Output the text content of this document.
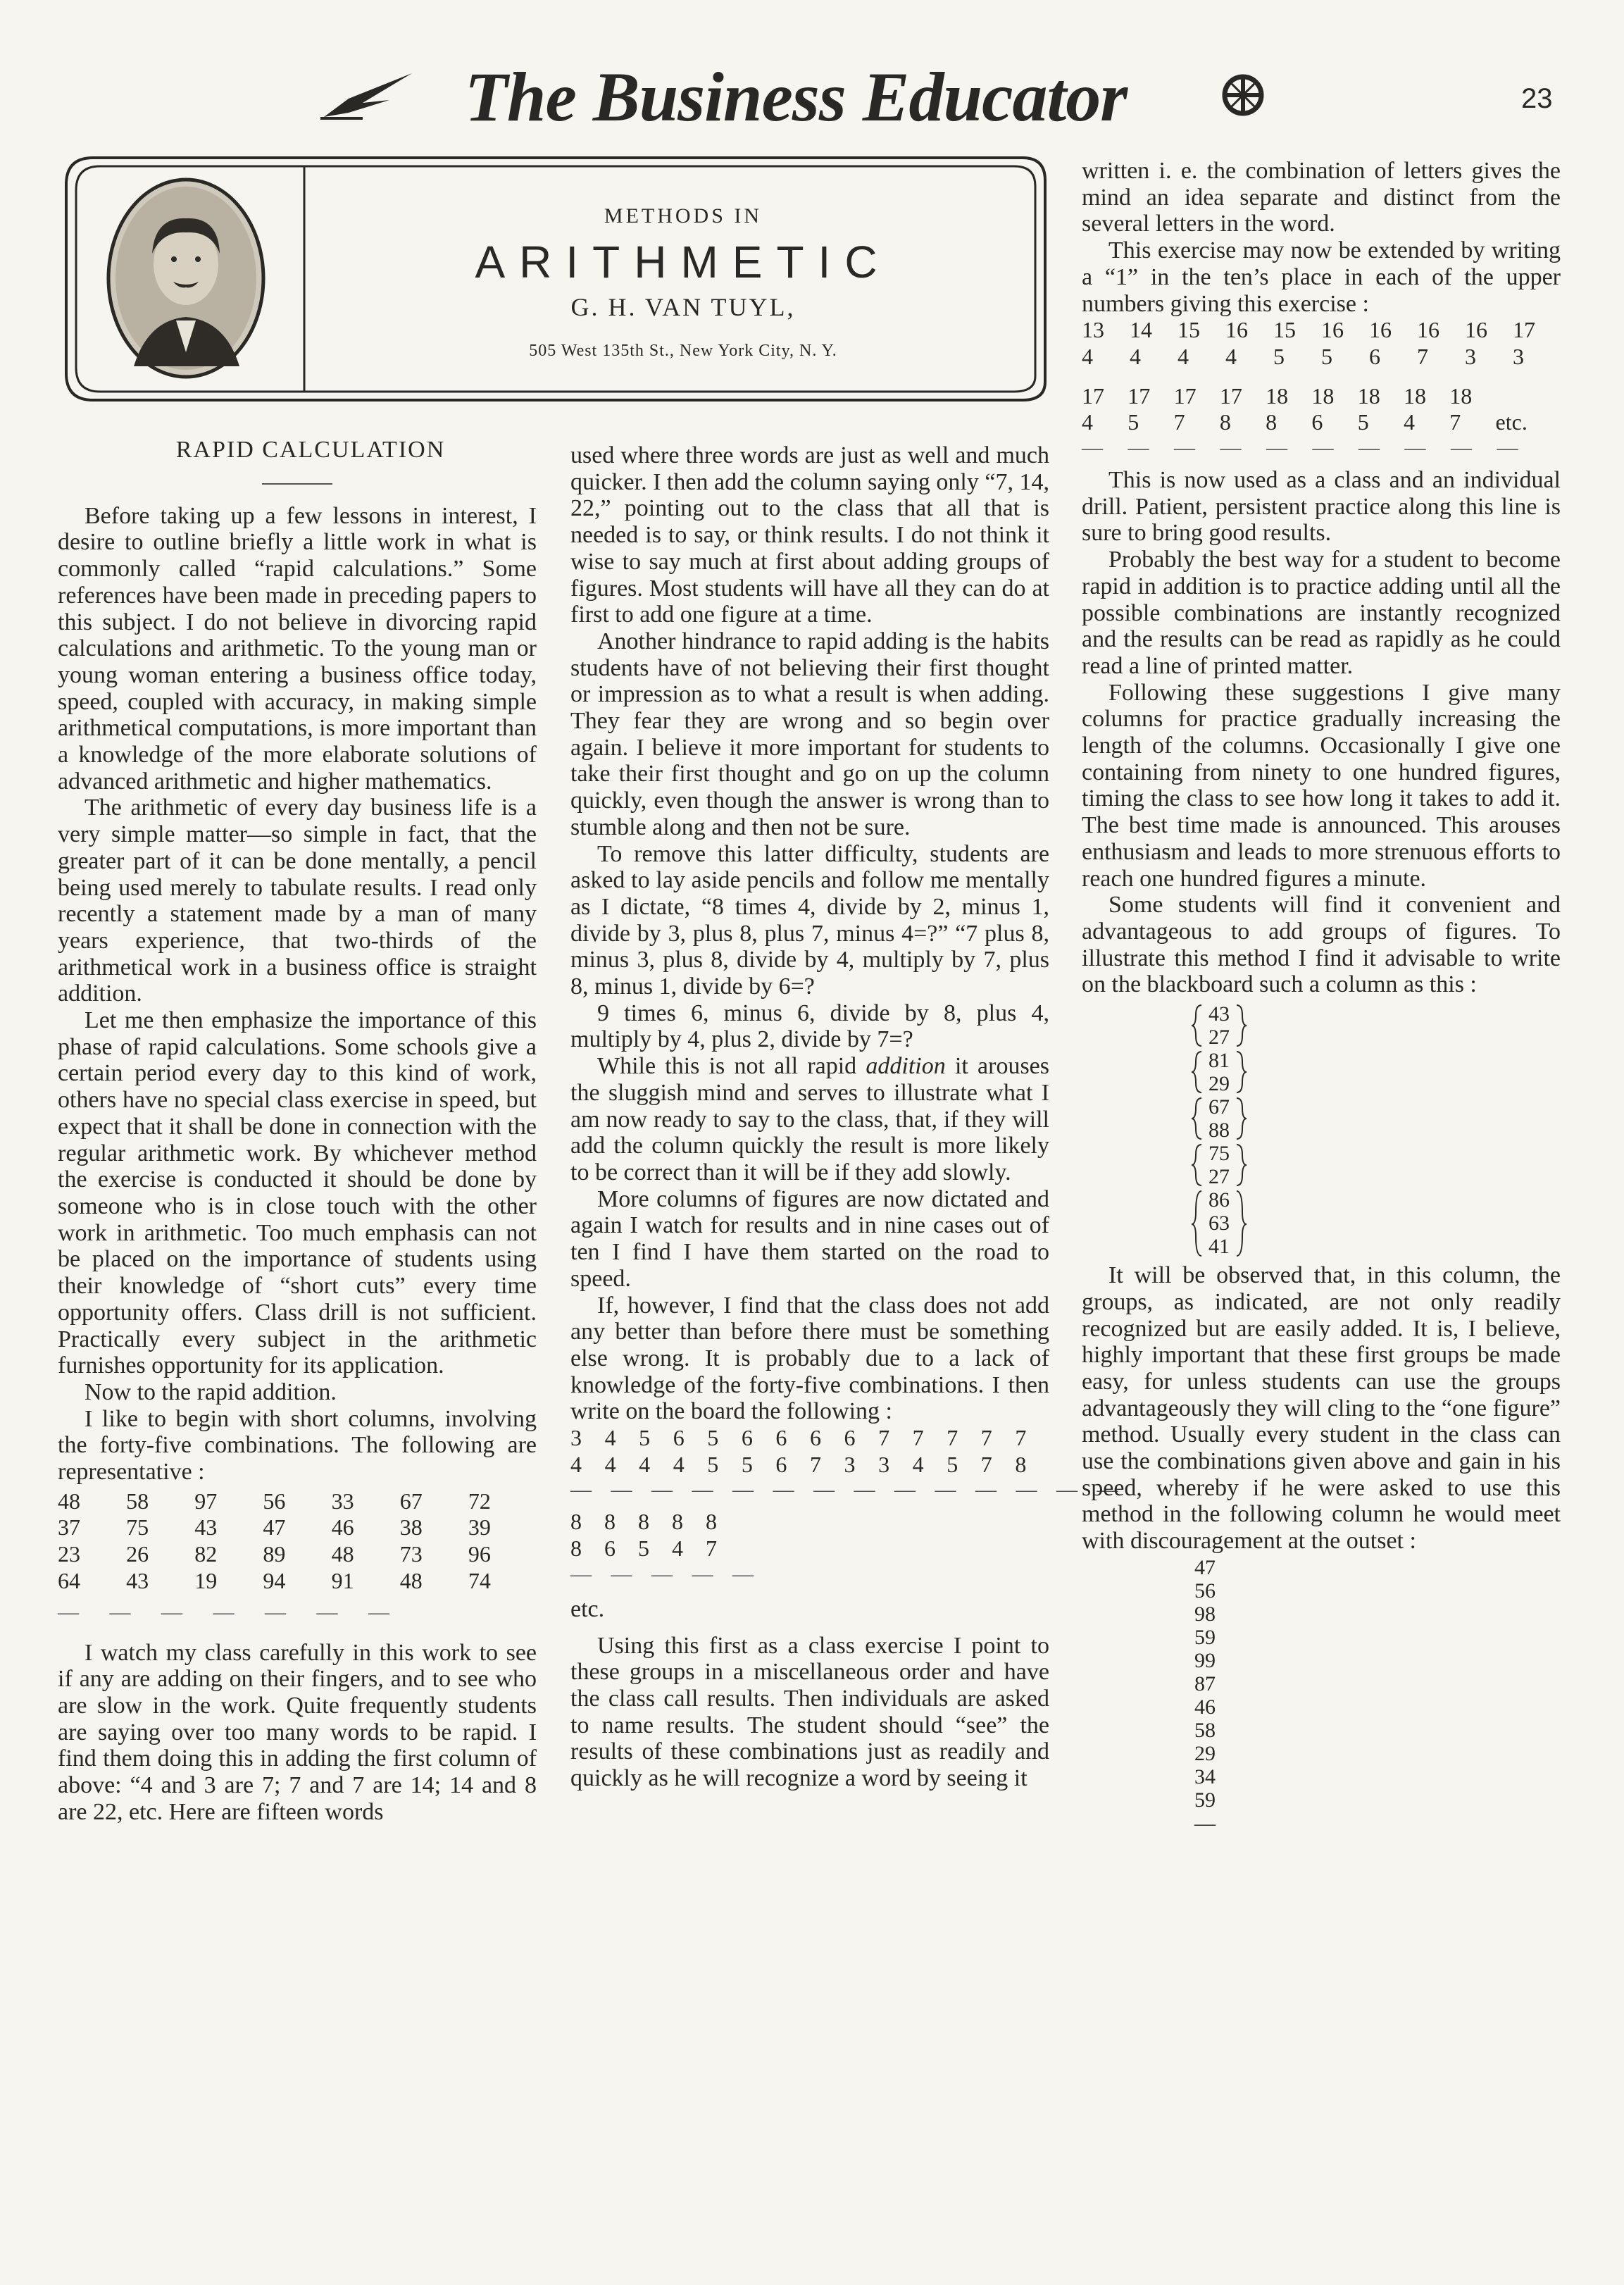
The Business Educator	23
METHODS IN
ARITHMETIC
G. H. VAN TUYL,
505 West 135th St., New York City, N. Y.

RAPID CALCULATION

Before taking up a few lessons in interest, I desire to outline briefly a little work in what is commonly called “rapid calculations.” Some references have been made in preceding papers to this subject. I do not believe in divorcing rapid calculations and arithmetic. To the young man or young woman entering a business office today, speed, coupled with accuracy, in making simple arithmetical computations, is more important than a knowledge of the more elaborate solutions of advanced arithmetic and higher mathematics.

The arithmetic of every day business life is a very simple matter—so simple in fact, that the greater part of it can be done mentally, a pencil being used merely to tabulate results. I read only recently a statement made by a man of many years experience, that two-thirds of the arithmetical work in a business office is straight addition.

Let me then emphasize the importance of this phase of rapid calculations. Some schools give a certain period every day to this kind of work, others have no special class exercise in speed, but expect that it shall be done in connection with the regular arithmetic work. By whichever method the exercise is conducted it should be done by someone who is in close touch with the other work in arithmetic. Too much emphasis can not be placed on the importance of students using their knowledge of “short cuts” every time opportunity offers. Class drill is not sufficient. Practically every subject in the arithmetic furnishes opportunity for its application.

Now to the rapid addition.

I like to begin with short columns, involving the forty-five combinations. The following are representative :

48	58	97	56	33	67	72
37	75	43	47	46	38	39
23	26	82	89	48	73	96
64	43	19	94	91	48	74
— — — — — — —

I watch my class carefully in this work to see if any are adding on their fingers, and to see who are slow in the work. Quite frequently students are saying over too many words to be rapid. I find them doing this in adding the first column of above: “4 and 3 are 7; 7 and 7 are 14; 14 and 8 are 22, etc. Here are fifteen words

used where three words are just as well and much quicker. I then add the column saying only “7, 14, 22,” pointing out to the class that all that is needed is to say, or think results. I do not think it wise to say much at first about adding groups of figures. Most students will have all they can do at first to add one figure at a time.

Another hindrance to rapid adding is the habits students have of not believing their first thought or impression as to what a result is when adding. They fear they are wrong and so begin over again. I believe it more important for students to take their first thought and go on up the column quickly, even though the answer is wrong than to stumble along and then not be sure.

To remove this latter difficulty, students are asked to lay aside pencils and follow me mentally as I dictate, “8 times 4, divide by 2, minus 1, divide by 3, plus 8, plus 7, minus 4=?” “7 plus 8, minus 3, plus 8, divide by 4, multiply by 7, plus 8, minus 1, divide by 6=?

9 times 6, minus 6, divide by 8, plus 4, multiply by 4, plus 2, divide by 7=?

While this is not all rapid addition it arouses the sluggish mind and serves to illustrate what I am now ready to say to the class, that, if they will add the column quickly the result is more likely to be correct than it will be if they add slowly.

More columns of figures are now dictated and again I watch for results and in nine cases out of ten I find I have them started on the road to speed.

If, however, I find that the class does not add any better than before there must be something else wrong. It is probably due to a lack of knowledge of the forty-five combinations. I then write on the board the following :

3	4	5	6	5	6	6	6	6	7	7	7	7	7
4	4	4	4	5	5	6	7	3	3	4	5	7	8
— — — — — — — — — — — — — —
8	8	8	8	8
8	6	5	4	7
— — — — —

etc.

Using this first as a class exercise I point to these groups in a miscellaneous order and have the class call results. Then individuals are asked to name results. The student should “see” the results of these combinations just as readily and quickly as he will recognize a word by seeing it

written i. e. the combination of letters gives the mind an idea separate and distinct from the several letters in the word.

This exercise may now be extended by writing a “1” in the ten’s place in each of the upper numbers giving this exercise :

13	14	15	16	15	16	16	16	16	17
4	4	4	4	5	5	6	7	3	3
17	17	17	17	18	18	18	18	18	
4	5	7	8	8	6	5	4	7	etc.
— — — — — — — — — —

This is now used as a class and an individual drill. Patient, persistent practice along this line is sure to bring good results.

Probably the best way for a student to become rapid in addition is to practice adding until all the possible combinations are instantly recognized and the results can be read as rapidly as he could read a line of printed matter.

Following these suggestions I give many columns for practice gradually increasing the length of the columns. Occasionally I give one containing from ninety to one hundred figures, timing the class to see how long it takes to add it. The best time made is announced. This arouses enthusiasm and leads to more strenuous efforts to reach one hundred figures a minute.

Some students will find it convenient and advantageous to add groups of figures. To illustrate this method I find it advisable to write on the blackboard such a column as this :

43
27
81
29
67
88
75
27
86
63
41

It will be observed that, in this column, the groups, as indicated, are not only readily recognized but are easily added. It is, I believe, highly important that these first groups be made easy, for unless students can use the groups advantageously they will cling to the “one figure” method. Usually every student in the class can use the combinations given above and gain in his speed, whereby if he were asked to use this method in the following column he would meet with discouragement at the outset :

47
56
98
59
99
87
46
58
29
34
59
—
